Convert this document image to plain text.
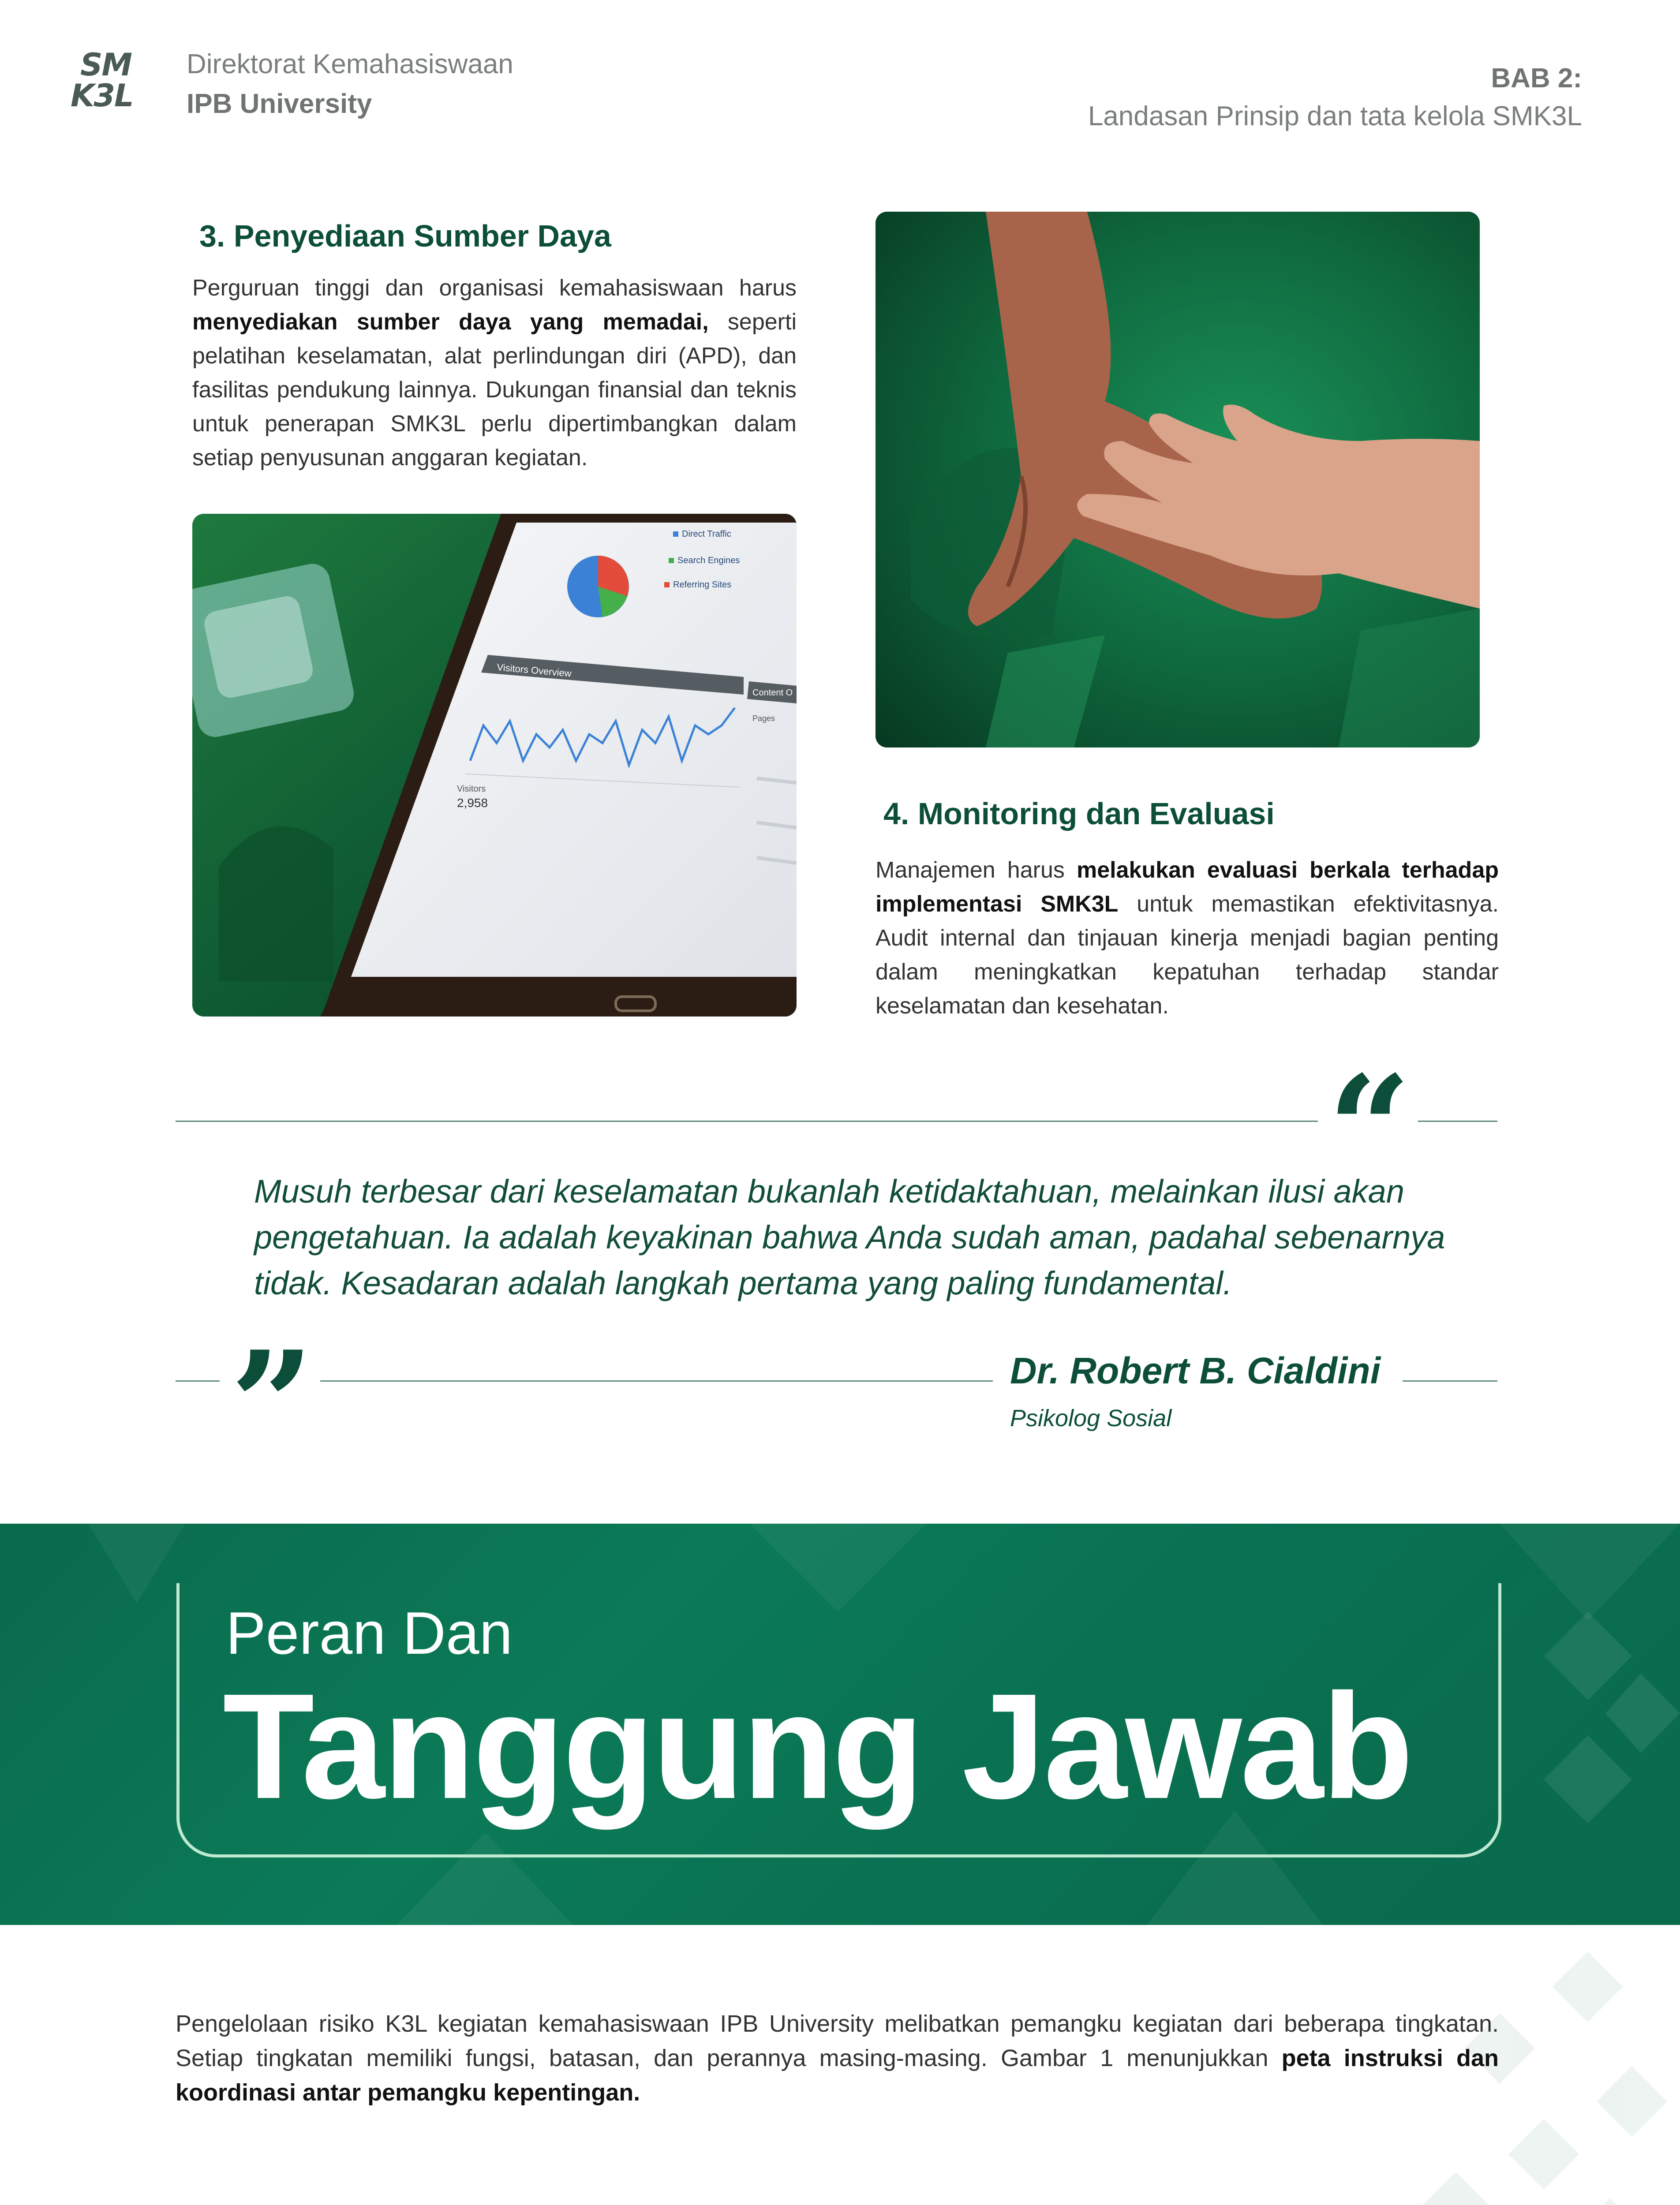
SM
K3L
Direktorat Kemahasiswaan
IPB University
BAB 2:
Landasan Prinsip dan tata kelola SMK3L
3. Penyediaan Sumber Daya

Perguruan tinggi dan organisasi kemahasiswaan harus menyediakan sumber daya yang memadai, seperti pelatihan keselamatan, alat perlindungan diri (APD), dan fasilitas pendukung lainnya. Dukungan finansial dan teknis untuk penerapan SMK3L perlu dipertimbangkan dalam setiap penyusunan anggaran kegiatan.

Direct Traffic
Search Engines
Referring Sites
Visitors Overview
Content O
Pages
Visitors
2,958	4. Monitoring dan Evaluasi

Manajemen harus melakukan evaluasi berkala terhadap implementasi SMK3L untuk memastikan efektivitasnya. Audit internal dan tinjauan kinerja menjadi bagian penting dalam meningkatkan kepatuhan terhadap standar keselamatan dan kesehatan.

“

Musuh terbesar dari keselamatan bukanlah ketidaktahuan, melainkan ilusi akan pengetahuan. Ia adalah keyakinan bahwa Anda sudah aman, padahal sebenarnya tidak. Kesadaran adalah langkah pertama yang paling fundamental.

”	Dr. Robert B. Cialdini
Psikolog Sosial
Peran Dan
Tanggung Jawab

Pengelolaan risiko K3L kegiatan kemahasiswaan IPB University melibatkan pemangku kegiatan dari beberapa tingkatan. Setiap tingkatan memiliki fungsi, batasan, dan perannya masing-masing. Gambar 1 menunjukkan peta instruksi dan koordinasi antar pemangku kepentingan.
